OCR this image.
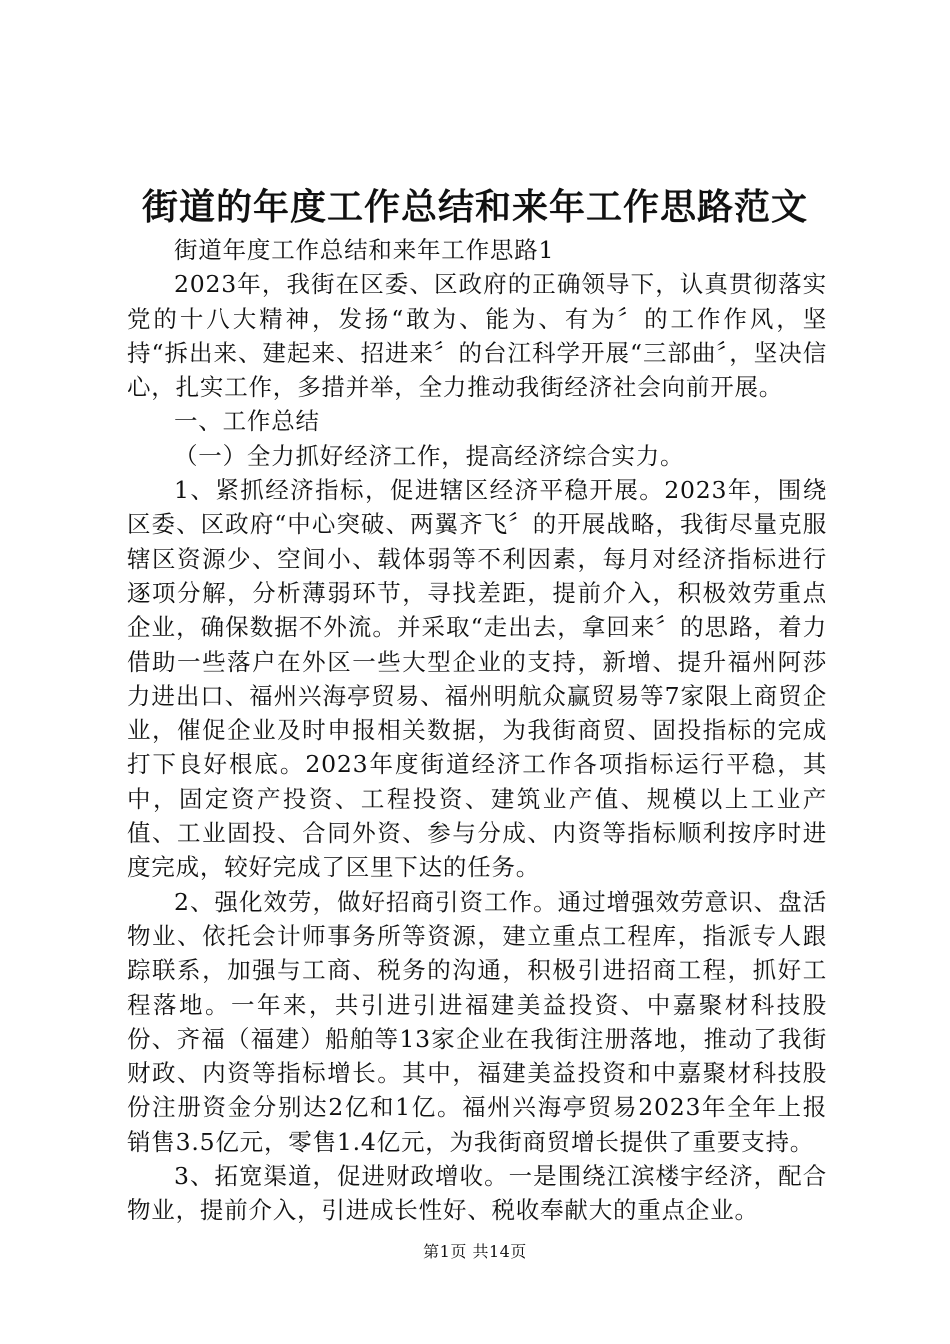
街道的年度工作总结和来年工作思路范文

街道年度工作总结和来年工作思路1

2023年，我街在区委、区政府的正确领导下，认真贯彻落实党的十八大精神，发扬“敢为、能为、有为〞的工作作风，坚持“拆出来、建起来、招进来〞的台江科学开展“三部曲〞，坚决信心，扎实工作，多措并举，全力推动我街经济社会向前开展。

一、工作总结

（一）全力抓好经济工作，提高经济综合实力。

1、紧抓经济指标，促进辖区经济平稳开展。2023年，围绕区委、区政府“中心突破、两翼齐飞〞的开展战略，我街尽量克服辖区资源少、空间小、载体弱等不利因素，每月对经济指标进行逐项分解，分析薄弱环节，寻找差距，提前介入，积极效劳重点企业，确保数据不外流。并采取“走出去，拿回来〞的思路，着力借助一些落户在外区一些大型企业的支持，新增、提升福州阿莎力进出口、福州兴海亭贸易、福州明航众赢贸易等7家限上商贸企业，催促企业及时申报相关数据，为我街商贸、固投指标的完成打下良好根底。2023年度街道经济工作各项指标运行平稳，其中，固定资产投资、工程投资、建筑业产值、规模以上工业产值、工业固投、合同外资、参与分成、内资等指标顺利按序时进度完成，较好完成了区里下达的任务。

2、强化效劳，做好招商引资工作。通过增强效劳意识、盘活物业、依托会计师事务所等资源，建立重点工程库，指派专人跟踪联系，加强与工商、税务的沟通，积极引进招商工程，抓好工程落地。一年来，共引进引进福建美益投资、中嘉聚材科技股份、齐福（福建）船舶等13家企业在我街注册落地，推动了我街财政、内资等指标增长。其中，福建美益投资和中嘉聚材科技股份注册资金分别达2亿和1亿。福州兴海亭贸易2023年全年上报销售3.5亿元，零售1.4亿元，为我街商贸增长提供了重要支持。

3、拓宽渠道，促进财政增收。一是围绕江滨楼宇经济，配合物业，提前介入，引进成长性好、税收奉献大的重点企业。

第1页 共14页
